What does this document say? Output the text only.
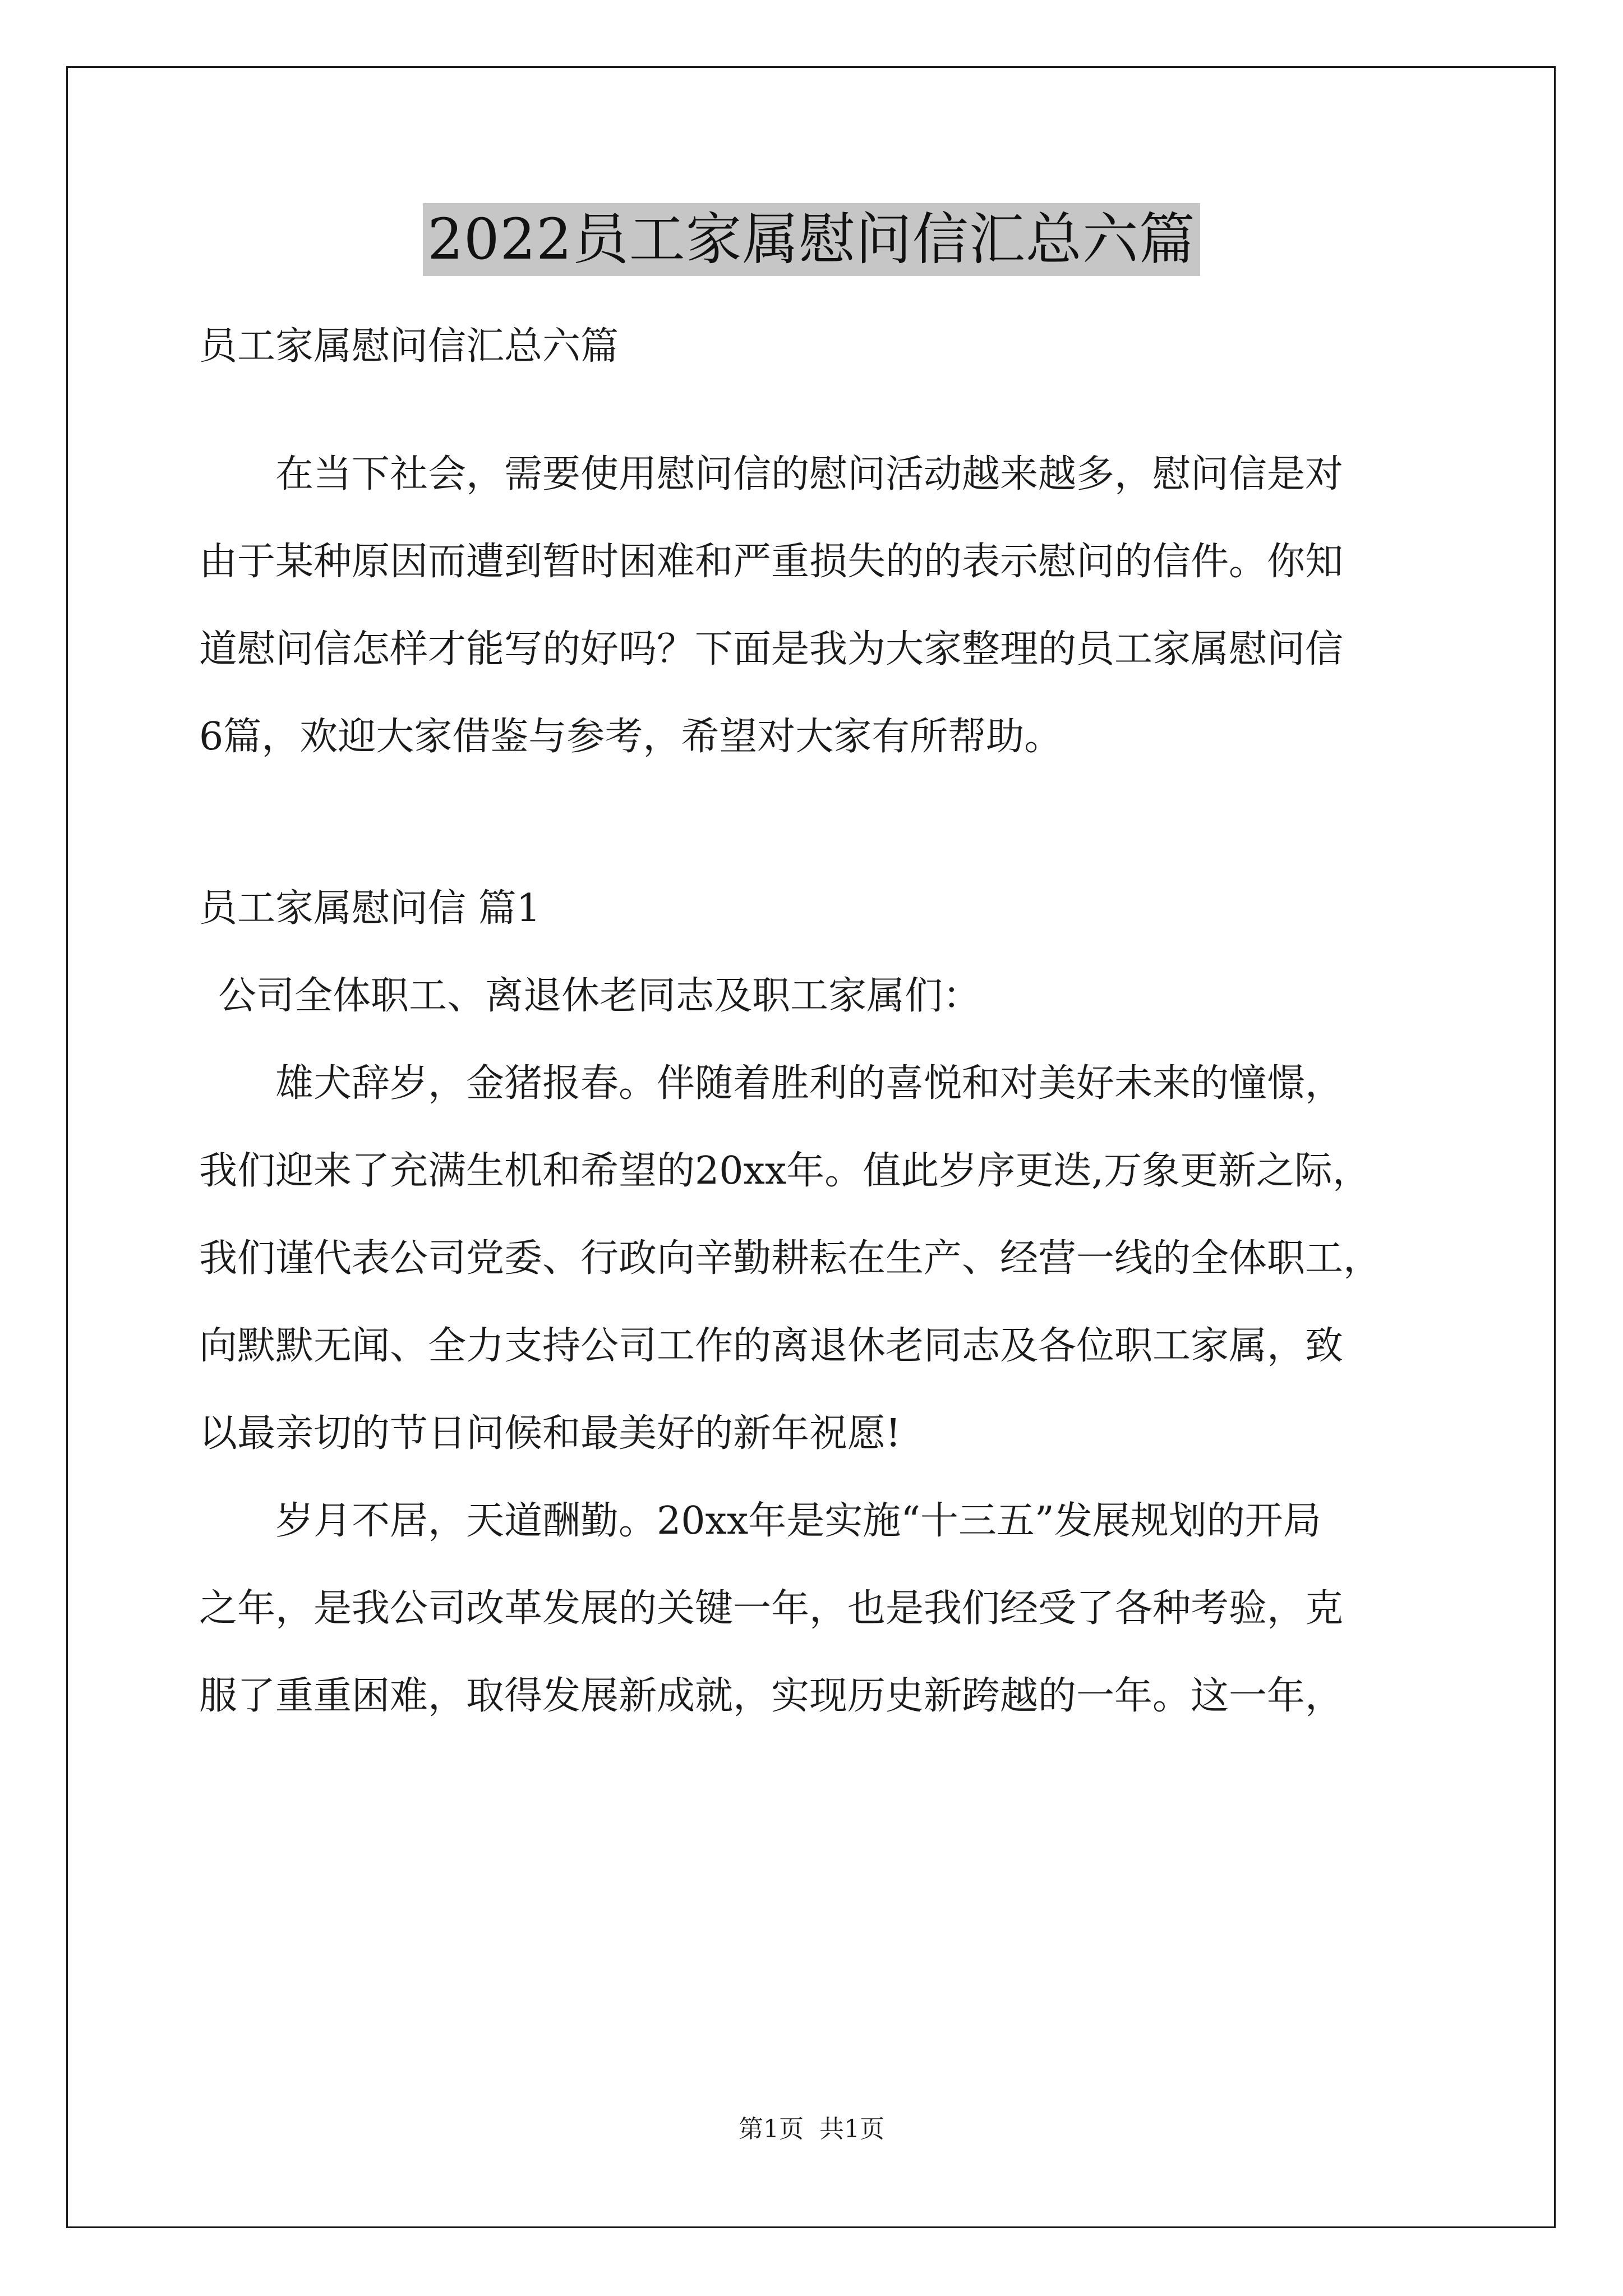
2022员工家属慰问信汇总六篇

员工家属慰问信汇总六篇

在当下社会，需要使用慰问信的慰问活动越来越多，慰问信是对

由于某种原因而遭到暂时困难和严重损失的的表示慰问的信件。你知

道慰问信怎样才能写的好吗？下面是我为大家整理的员工家属慰问信

6篇，欢迎大家借鉴与参考，希望对大家有所帮助。

员工家属慰问信 篇1

公司全体职工、离退休老同志及职工家属们：

雄犬辞岁，金猪报春。伴随着胜利的喜悦和对美好未来的憧憬，

我们迎来了充满生机和希望的20xx年。值此岁序更迭,万象更新之际，

我们谨代表公司党委、行政向辛勤耕耘在生产、经营一线的全体职工，

向默默无闻、全力支持公司工作的离退休老同志及各位职工家属，致

以最亲切的节日问候和最美好的新年祝愿!

岁月不居，天道酬勤。20xx年是实施“十三五”发展规划的开局

之年，是我公司改革发展的关键一年，也是我们经受了各种考验，克

服了重重困难，取得发展新成就，实现历史新跨越的一年。这一年，

第1页 共1页
